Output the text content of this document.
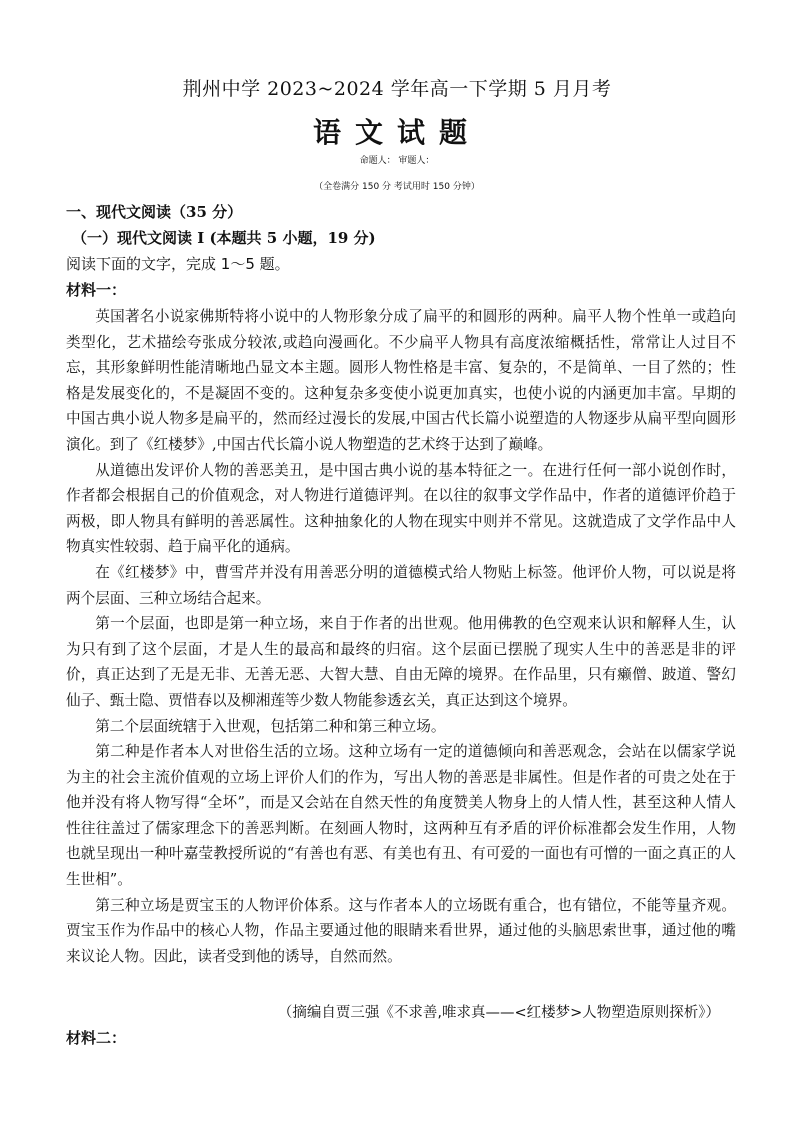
荆州中学 2023~2024 学年高一下学期 5 月月考
语文试题
命题人： 审题人：
（全卷满分 150 分 考试用时 150 分钟）
一、现代文阅读（35 分）
（一）现代文阅读 I (本题共 5 小题，19 分)
阅读下面的文字，完成 1～5 题。
材料一：

英国著名小说家佛斯特将小说中的人物形象分成了扁平的和圆形的两种。扁平人物个性单一或趋向类型化，艺术描绘夸张成分较浓,或趋向漫画化。不少扁平人物具有高度浓缩概括性，常常让人过目不忘，其形象鲜明性能清晰地凸显文本主题。圆形人物性格是丰富、复杂的，不是简单、一目了然的；性格是发展变化的，不是凝固不变的。这种复杂多变使小说更加真实，也使小说的内涵更加丰富。早期的中国古典小说人物多是扁平的，然而经过漫长的发展,中国古代长篇小说塑造的人物逐步从扁平型向圆形演化。到了《红楼梦》,中国古代长篇小说人物塑造的艺术终于达到了巅峰。

从道德出发评价人物的善恶美丑，是中国古典小说的基本特征之一。在进行任何一部小说创作时，作者都会根据自己的价值观念，对人物进行道德评判。在以往的叙事文学作品中，作者的道德评价趋于两极，即人物具有鲜明的善恶属性。这种抽象化的人物在现实中则并不常见。这就造成了文学作品中人物真实性较弱、趋于扁平化的通病。

在《红楼梦》中，曹雪芹并没有用善恶分明的道德模式给人物贴上标签。他评价人物，可以说是将两个层面、三种立场结合起来。

第一个层面，也即是第一种立场，来自于作者的出世观。他用佛教的色空观来认识和解释人生，认为只有到了这个层面，才是人生的最高和最终的归宿。这个层面已摆脱了现实人生中的善恶是非的评价，真正达到了无是无非、无善无恶、大智大慧、自由无障的境界。在作品里，只有癞僧、跛道、警幻仙子、甄士隐、贾惜春以及柳湘莲等少数人物能参透玄关，真正达到这个境界。

第二个层面统辖于入世观，包括第二种和第三种立场。

第二种是作者本人对世俗生活的立场。这种立场有一定的道德倾向和善恶观念，会站在以儒家学说为主的社会主流价值观的立场上评价人们的作为，写出人物的善恶是非属性。但是作者的可贵之处在于他并没有将人物写得“全坏”，而是又会站在自然天性的角度赞美人物身上的人情人性，甚至这种人情人性往往盖过了儒家理念下的善恶判断。在刻画人物时，这两种互有矛盾的评价标准都会发生作用，人物也就呈现出一种叶嘉莹教授所说的“有善也有恶、有美也有丑、有可爱的一面也有可憎的一面之真正的人生世相”。

第三种立场是贾宝玉的人物评价体系。这与作者本人的立场既有重合，也有错位，不能等量齐观。贾宝玉作为作品中的核心人物，作品主要通过他的眼睛来看世界，通过他的头脑思索世事，通过他的嘴来议论人物。因此，读者受到他的诱导，自然而然。

（摘编自贾三强《不求善,唯求真——<红楼梦>人物塑造原则探析》）
材料二：
